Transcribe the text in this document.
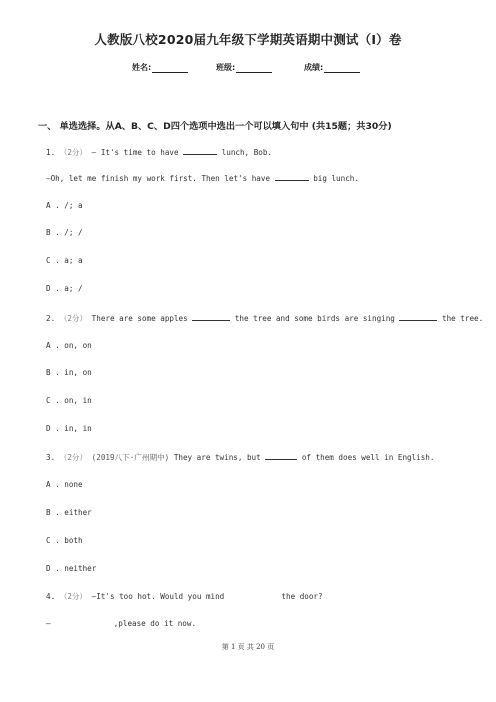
人教版八校2020届九年级下学期英语期中测试（I）卷
姓名:	班级:	成绩:
一、 单选选择。从A、B、C、D四个选项中选出一个可以填入句中 (共15题；共30分)
1. （2分） — It's time to have	lunch, Bob.
—Oh, let me finish my work first. Then let's have	big lunch.
A . /; a
B . /; /
C . a; a
D . a; /
2. （2分） There are some apples	the tree and some birds are singing	the tree.
A . on, on
B . in, on
C . on, in
D . in, in
3. （2分） (2019八下·广州期中) They are twins, but	of them does well in English.
A . none
B . either
C . both
D . neither
4. （2分） —It's too hot. Would you mind	the door?
—	,please do it now.
第 1 页 共 20 页
